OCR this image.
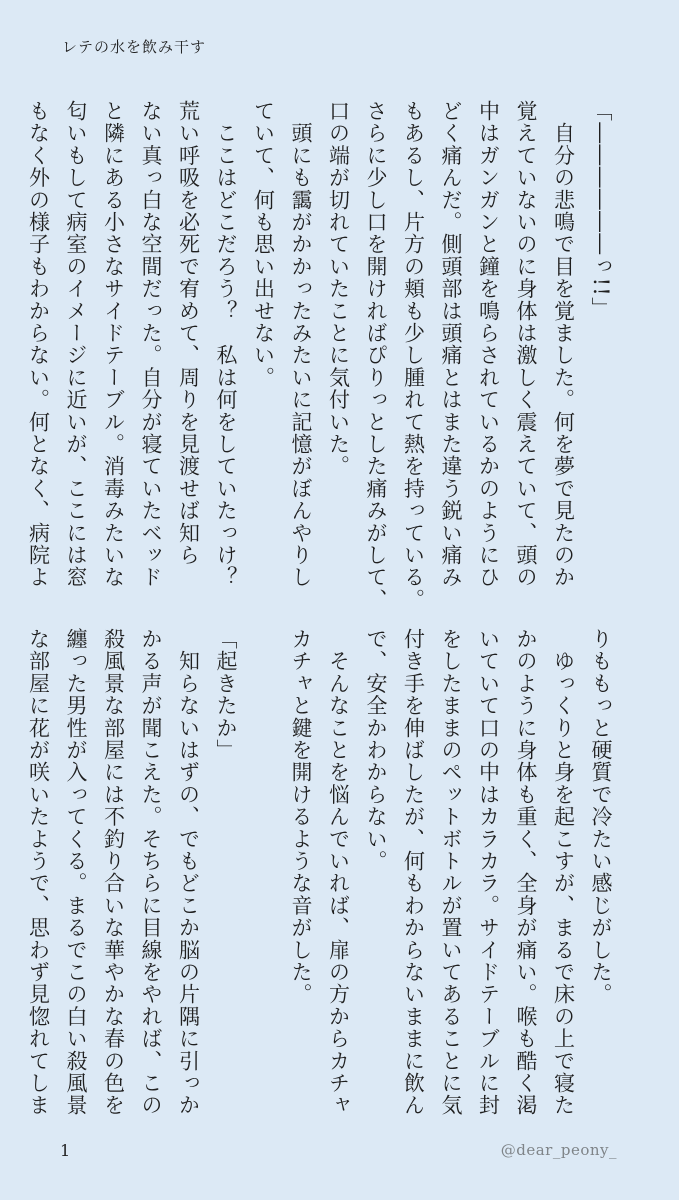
レテの水を飲み干す

「――――――っ!!」

　自分の悲鳴で目を覚ました。何を夢で見たのか

覚えていないのに身体は激しく震えていて、頭の

中はガンガンと鐘を鳴らされているかのようにひ

どく痛んだ。側頭部は頭痛とはまた違う鋭い痛み

もあるし、片方の頬も少し腫れて熱を持っている。

さらに少し口を開ければぴりっとした痛みがして、

口の端が切れていたことに気付いた。

　頭にも靄がかかったみたいに記憶がぼんやりし

ていて、何も思い出せない。

　ここはどこだろう？　私は何をしていたっけ？

荒い呼吸を必死で宥めて、周りを見渡せば知ら

ない真っ白な空間だった。自分が寝ていたベッド

と隣にある小さなサイドテーブル。消毒みたいな

匂いもして病室のイメージに近いが、ここには窓

もなく外の様子もわからない。何となく、病院よ

りももっと硬質で冷たい感じがした。

　ゆっくりと身を起こすが、まるで床の上で寝た

かのように身体も重く、全身が痛い。喉も酷く渇

いていて口の中はカラカラ。サイドテーブルに封

をしたままのペットボトルが置いてあることに気

付き手を伸ばしたが、何もわからないままに飲ん

で、安全かわからない。

　そんなことを悩んでいれば、扉の方からカチャ

カチャと鍵を開けるような音がした。

「起きたか」

　知らないはずの、でもどこか脳の片隅に引っか

かる声が聞こえた。そちらに目線をやれば、この

殺風景な部屋には不釣り合いな華やかな春の色を

纏った男性が入ってくる。まるでこの白い殺風景

な部屋に花が咲いたようで、思わず見惚れてしま

1	@dear_peony_
